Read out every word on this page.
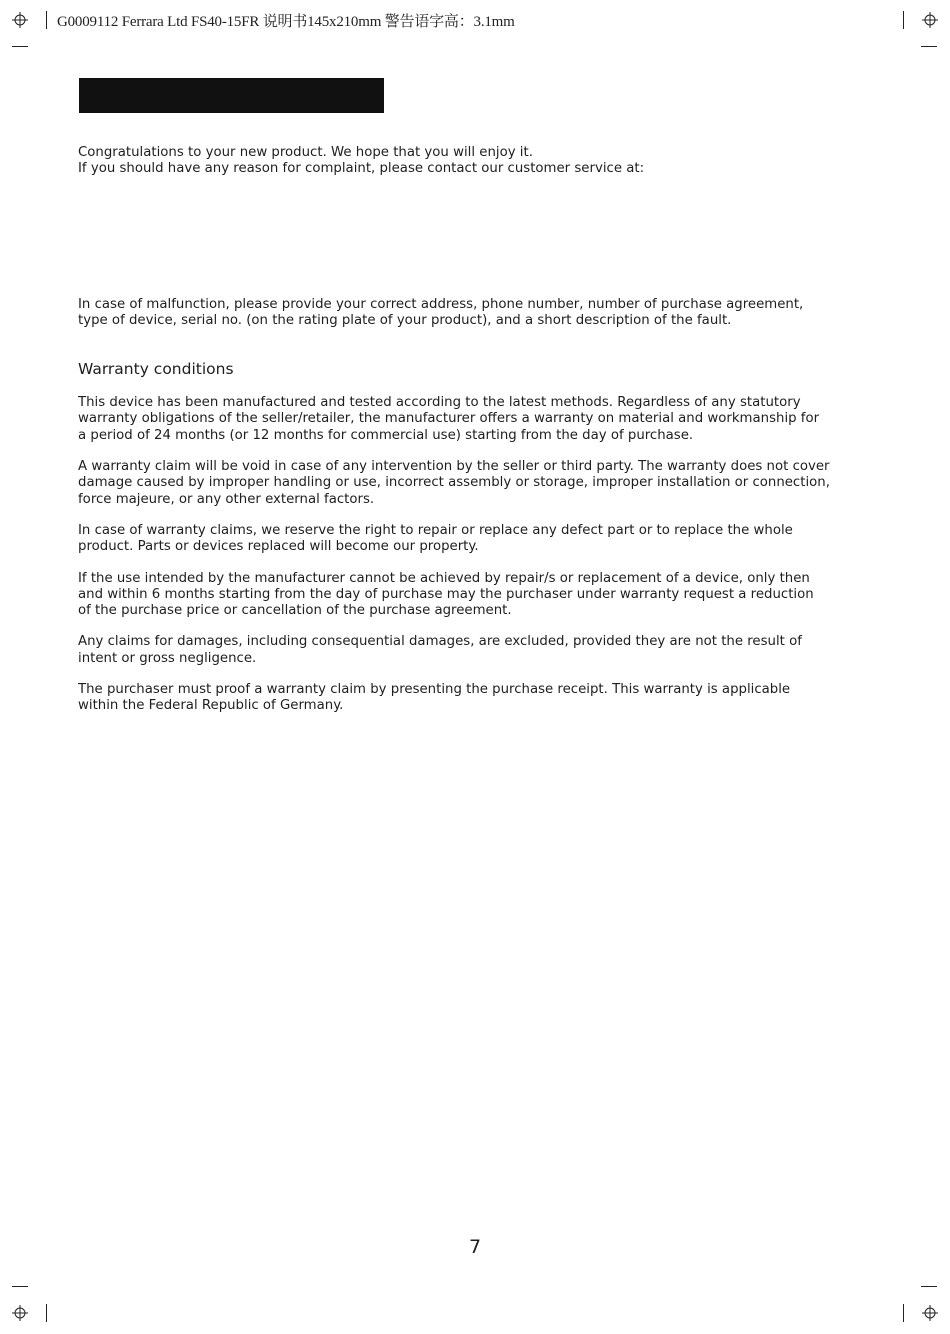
G0009112 Ferrara Ltd FS40-15FR 说明书145x210mm 警告语字高：3.1mm

Congratulations to your new product. We hope that you will enjoy it.

If you should have any reason for complaint, please contact our customer service at:

In case of malfunction, please provide your correct address, phone number, number of purchase agreement, type of device, serial no. (on the rating plate of your product), and a short description of the fault.

Warranty conditions

This device has been manufactured and tested according to the latest methods. Regardless of any statutory warranty obligations of the seller/retailer, the manufacturer offers a warranty on material and workmanship for a period of 24 months (or 12 months for commercial use) starting from the day of purchase.

A warranty claim will be void in case of any intervention by the seller or third party. The warranty does not cover damage caused by improper handling or use, incorrect assembly or storage, improper installation or connection, force majeure, or any other external factors.

In case of warranty claims, we reserve the right to repair or replace any defect part or to replace the whole product. Parts or devices replaced will become our property.

If the use intended by the manufacturer cannot be achieved by repair/s or replacement of a device, only then and within 6 months starting from the day of purchase may the purchaser under warranty request a reduction of the purchase price or cancellation of the purchase agreement.

Any claims for damages, including consequential damages, are excluded, provided they are not the result of intent or gross negligence.

The purchaser must proof a warranty claim by presenting the purchase receipt. This warranty is applicable within the Federal Republic of Germany.

7
